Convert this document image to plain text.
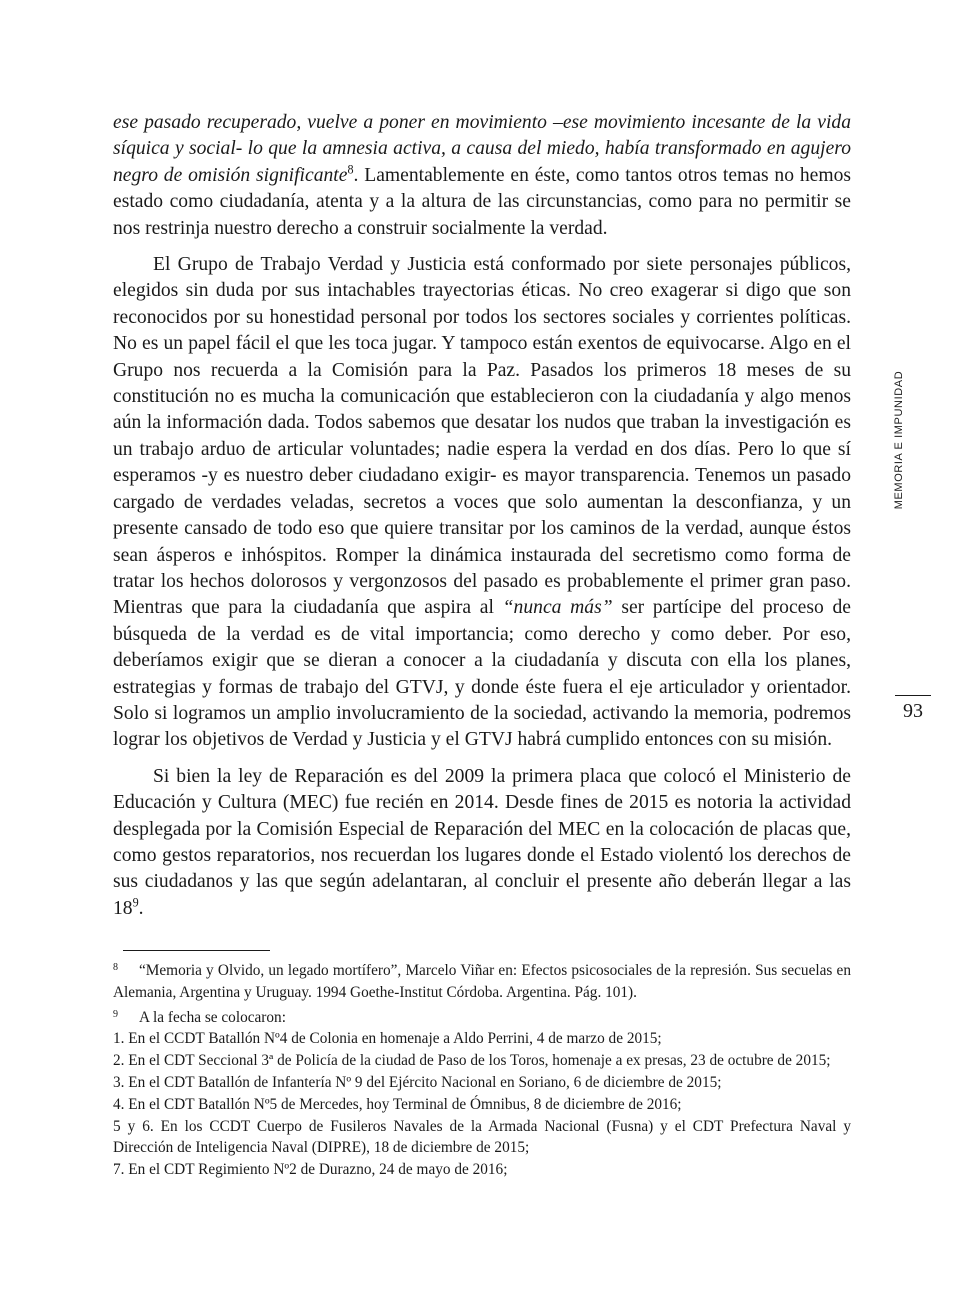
ese pasado recuperado, vuelve a poner en movimiento –ese movimiento incesante de la vida síquica y social- lo que la amnesia activa, a causa del miedo, había transformado en agujero negro de omisión significante$^8$. Lamentablemente en éste, como tantos otros temas no hemos estado como ciudadanía, atenta y a la altura de las circunstancias, como para no permitir se nos restrinja nuestro derecho a construir socialmente la verdad.

El Grupo de Trabajo Verdad y Justicia está conformado por siete personajes públicos, elegidos sin duda por sus intachables trayectorias éticas. No creo exagerar si digo que son reconocidos por su honestidad personal por todos los sectores sociales y corrientes políticas. No es un papel fácil el que les toca jugar. Y tampoco están exentos de equivocarse. Algo en el Grupo nos recuerda a la Comisión para la Paz. Pasados los primeros 18 meses de su constitución no es mucha la comunicación que establecieron con la ciudadanía y algo menos aún la información dada. Todos sabemos que desatar los nudos que traban la investigación es un trabajo arduo de articular voluntades; nadie espera la verdad en dos días. Pero lo que sí esperamos -y es nuestro deber ciudadano exigir- es mayor transparencia. Tenemos un pasado cargado de verdades veladas, secretos a voces que solo aumentan la desconfianza, y un presente cansado de todo eso que quiere transitar por los caminos de la verdad, aunque éstos sean ásperos e inhóspitos. Romper la dinámica instaurada del secretismo como forma de tratar los hechos dolorosos y vergonzosos del pasado es probablemente el primer gran paso. Mientras que para la ciudadanía que aspira al “nunca más” ser partícipe del proceso de búsqueda de la verdad es de vital importancia; como derecho y como deber. Por eso, deberíamos exigir que se dieran a conocer a la ciudadanía y discuta con ella los planes, estrategias y formas de trabajo del GTVJ, y donde éste fuera el eje articulador y orientador. Solo si logramos un amplio involucramiento de la sociedad, activando la memoria, podremos lograr los objetivos de Verdad y Justicia y el GTVJ habrá cumplido entonces con su misión.

Si bien la ley de Reparación es del 2009 la primera placa que colocó el Ministerio de Educación y Cultura (MEC) fue recién en 2014. Desde fines de 2015 es notoria la actividad desplegada por la Comisión Especial de Reparación del MEC en la colocación de placas que, como gestos reparatorios, nos recuerdan los lugares donde el Estado violentó los derechos de sus ciudadanos y las que según adelantaran, al concluir el presente año deberán llegar a las $18^9$.

8 “Memoria y Olvido, un legado mortífero”, Marcelo Viñar en: Efectos psicosociales de la represión. Sus secuelas en Alemania, Argentina y Uruguay. 1994 Goethe-Institut Córdoba. Argentina. Pág. 101).

9 A la fecha se colocaron:

1. En el CCDT Batallón Nº4 de Colonia en homenaje a Aldo Perrini, 4 de marzo de 2015;

2. En el CDT Seccional 3ª de Policía de la ciudad de Paso de los Toros, homenaje a ex presas, 23 de octubre de 2015;

3. En el CDT Batallón de Infantería Nº 9 del Ejército Nacional en Soriano, 6 de diciembre de 2015;

4. En el CDT Batallón Nº5 de Mercedes, hoy Terminal de Ómnibus, 8 de diciembre de 2016;

5 y 6. En los CCDT Cuerpo de Fusileros Navales de la Armada Nacional (Fusna) y el CDT Prefectura Naval y Dirección de Inteligencia Naval (DIPRE), 18 de diciembre de 2015;

7. En el CDT Regimiento Nº2 de Durazno, 24 de mayo de 2016;

MEMORIA E IMPUNIDAD
93
